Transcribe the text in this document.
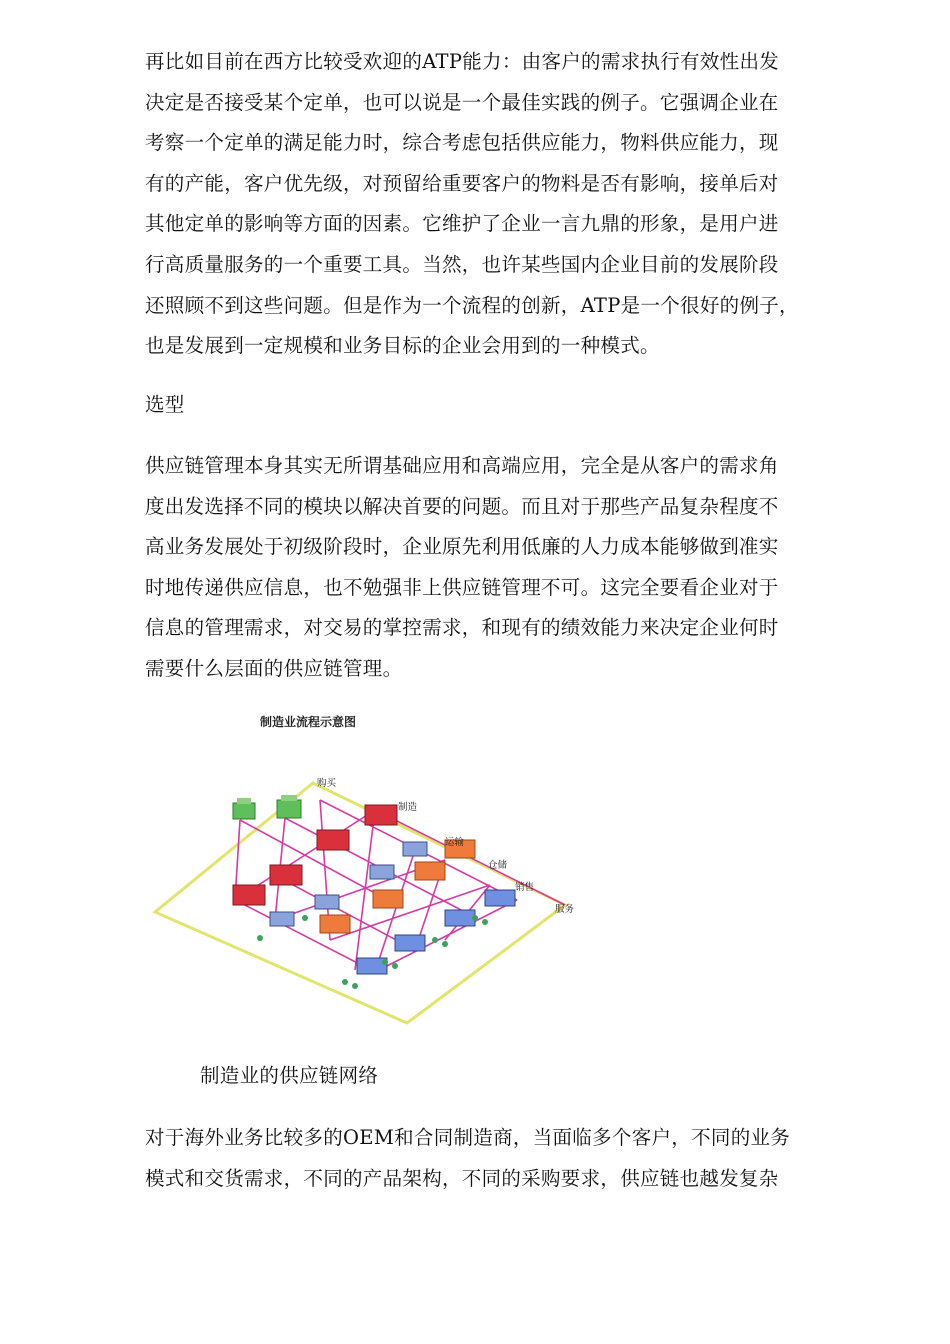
再比如目前在西方比较受欢迎的ATP能力：由客户的需求执行有效性出发
决定是否接受某个定单，也可以说是一个最佳实践的例子。它强调企业在
考察一个定单的满足能力时，综合考虑包括供应能力，物料供应能力，现
有的产能，客户优先级，对预留给重要客户的物料是否有影响，接单后对
其他定单的影响等方面的因素。它维护了企业一言九鼎的形象，是用户进
行高质量服务的一个重要工具。当然，也许某些国内企业目前的发展阶段
还照顾不到这些问题。但是作为一个流程的创新，ATP是一个很好的例子，
也是发展到一定规模和业务目标的企业会用到的一种模式。

选型

供应链管理本身其实无所谓基础应用和高端应用，完全是从客户的需求角
度出发选择不同的模块以解决首要的问题。而且对于那些产品复杂程度不
高业务发展处于初级阶段时，企业原先利用低廉的人力成本能够做到准实
时地传递供应信息，也不勉强非上供应链管理不可。这完全要看企业对于
信息的管理需求，对交易的掌控需求，和现有的绩效能力来决定企业何时
需要什么层面的供应链管理。

制造业流程示意图
购买
制造
运输
仓储
销售
服务

制造业的供应链网络

对于海外业务比较多的OEM和合同制造商，当面临多个客户，不同的业务
模式和交货需求，不同的产品架构，不同的采购要求，供应链也越发复杂
